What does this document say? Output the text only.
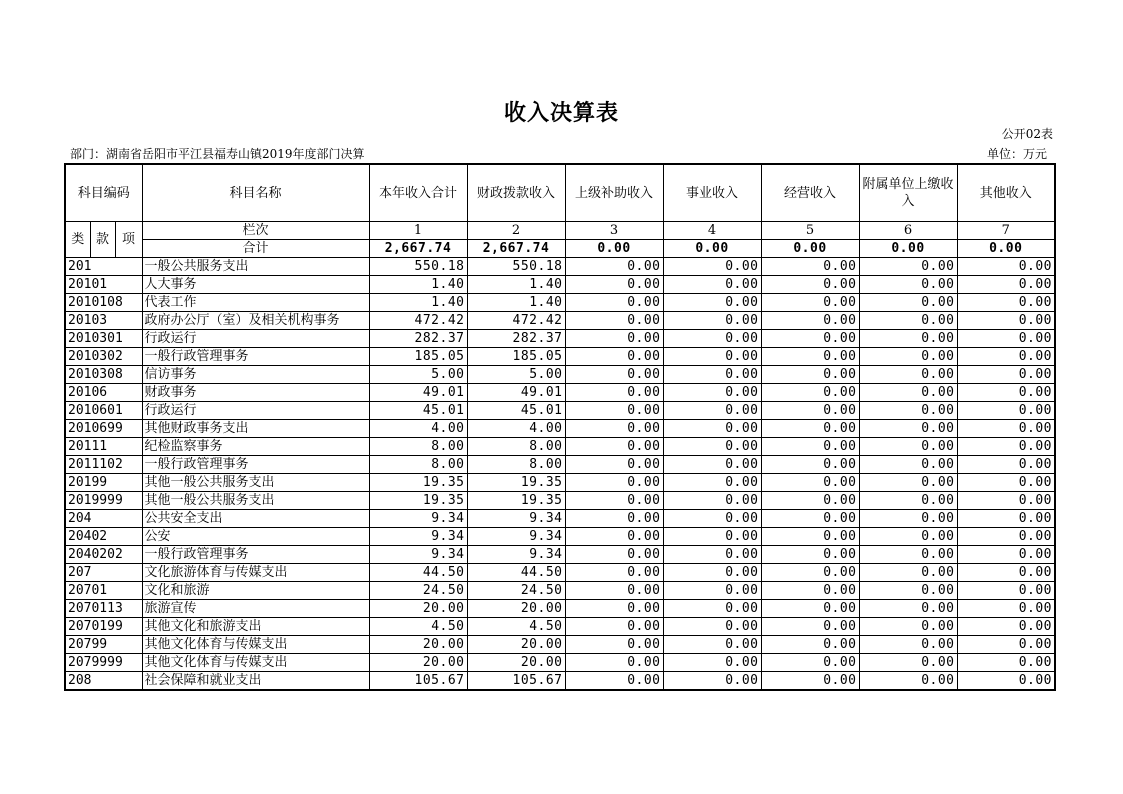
收入决算表
公开02表
部门：湖南省岳阳市平江县福寿山镇2019年度部门决算	单位：万元
科目编码			科目名称	本年收入合计	财政拨款收入	上级补助收入	事业收入	经营收入	附属单位上缴收入	其他收入
类	款	项	栏次	1	2	3	4	5	6	7
			合计	2,667.74	2,667.74	0.00	0.00	0.00	0.00	0.00
201			一般公共服务支出	550.18	550.18	0.00	0.00	0.00	0.00	0.00
20101			人大事务	1.40	1.40	0.00	0.00	0.00	0.00	0.00
2010108			代表工作	1.40	1.40	0.00	0.00	0.00	0.00	0.00
20103			政府办公厅（室）及相关机构事务	472.42	472.42	0.00	0.00	0.00	0.00	0.00
2010301			行政运行	282.37	282.37	0.00	0.00	0.00	0.00	0.00
2010302			一般行政管理事务	185.05	185.05	0.00	0.00	0.00	0.00	0.00
2010308			信访事务	5.00	5.00	0.00	0.00	0.00	0.00	0.00
20106			财政事务	49.01	49.01	0.00	0.00	0.00	0.00	0.00
2010601			行政运行	45.01	45.01	0.00	0.00	0.00	0.00	0.00
2010699			其他财政事务支出	4.00	4.00	0.00	0.00	0.00	0.00	0.00
20111			纪检监察事务	8.00	8.00	0.00	0.00	0.00	0.00	0.00
2011102			一般行政管理事务	8.00	8.00	0.00	0.00	0.00	0.00	0.00
20199			其他一般公共服务支出	19.35	19.35	0.00	0.00	0.00	0.00	0.00
2019999			其他一般公共服务支出	19.35	19.35	0.00	0.00	0.00	0.00	0.00
204			公共安全支出	9.34	9.34	0.00	0.00	0.00	0.00	0.00
20402			公安	9.34	9.34	0.00	0.00	0.00	0.00	0.00
2040202			一般行政管理事务	9.34	9.34	0.00	0.00	0.00	0.00	0.00
207			文化旅游体育与传媒支出	44.50	44.50	0.00	0.00	0.00	0.00	0.00
20701			文化和旅游	24.50	24.50	0.00	0.00	0.00	0.00	0.00
2070113			旅游宣传	20.00	20.00	0.00	0.00	0.00	0.00	0.00
2070199			其他文化和旅游支出	4.50	4.50	0.00	0.00	0.00	0.00	0.00
20799			其他文化体育与传媒支出	20.00	20.00	0.00	0.00	0.00	0.00	0.00
2079999			其他文化体育与传媒支出	20.00	20.00	0.00	0.00	0.00	0.00	0.00
208			社会保障和就业支出	105.67	105.67	0.00	0.00	0.00	0.00	0.00
